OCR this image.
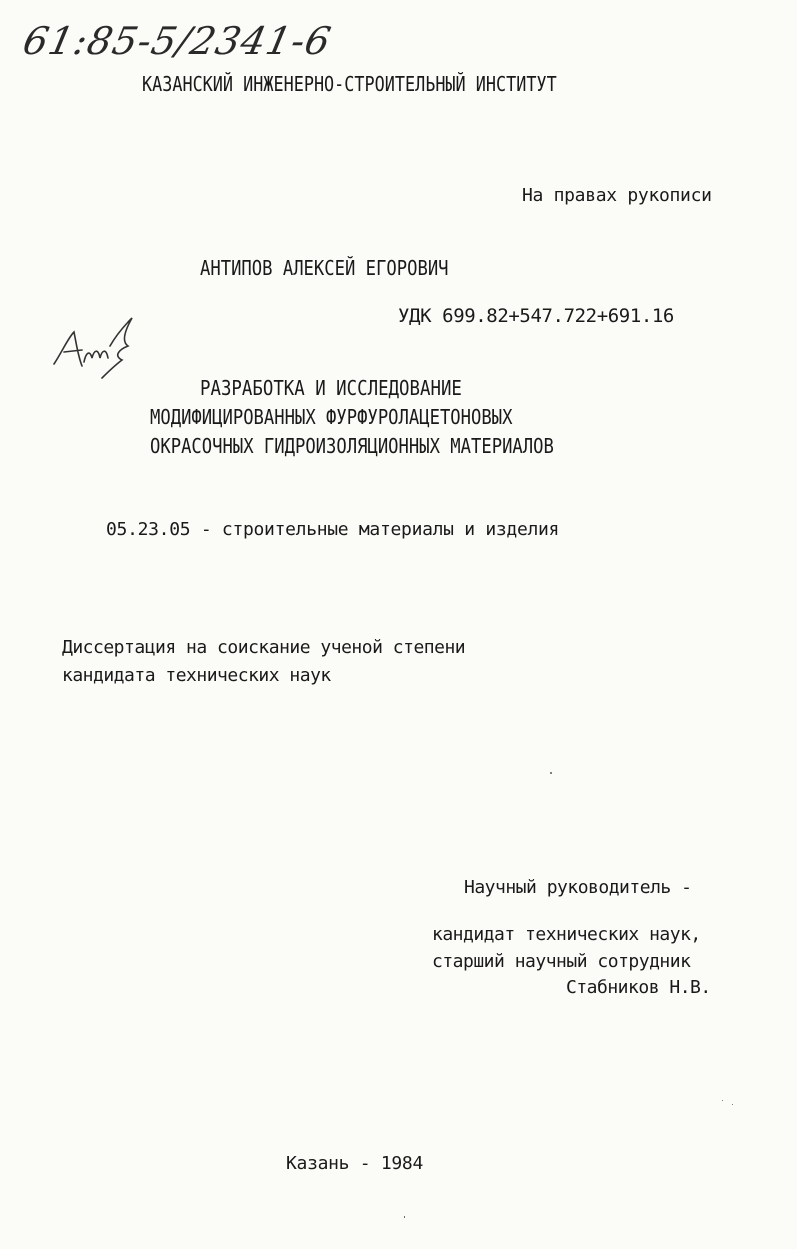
61:85-5/2341-6
КАЗАНСКИЙ ИНЖЕНЕРНО-СТРОИТЕЛЬНЫЙ ИНСТИТУТ
На правах рукописи
АНТИПОВ АЛЕКСЕЙ ЕГОРОВИЧ
УДК 699.82+547.722+691.16
Антип
РАЗРАБОТКА И ИССЛЕДОВАНИЕ
МОДИФИЦИРОВАННЫХ ФУРФУРОЛАЦЕТОНОВЫХ
ОКРАСОЧНЫХ ГИДРОИЗОЛЯЦИОННЫХ МАТЕРИАЛОВ
05.23.05 - строительные материалы и изделия
Диссертация на соискание ученой степени
кандидата технических наук
Научный руководитель -
кандидат технических наук,
старший научный сотрудник
Стабников Н.В.
Казань - 1984
